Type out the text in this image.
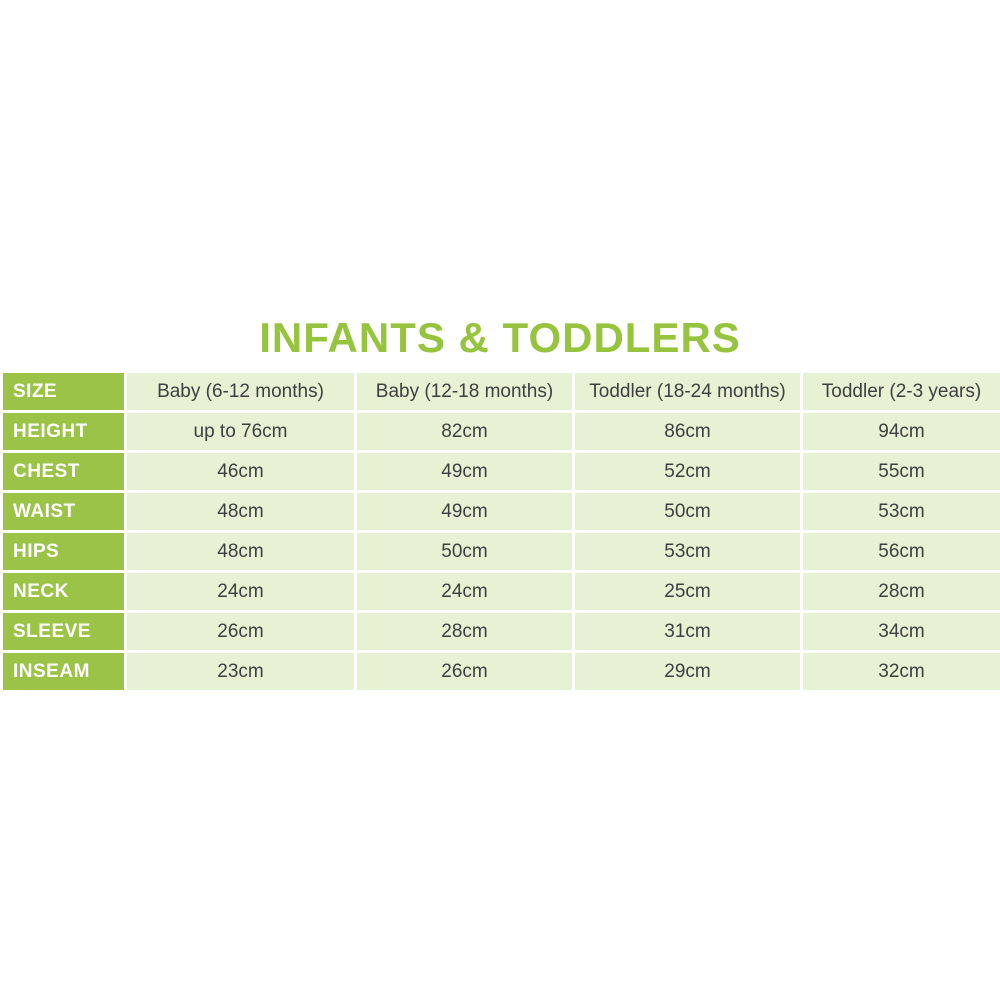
INFANTS & TODDLERS
SIZE	Baby (6-12 months)	Baby (12-18 months)	Toddler (18-24 months)	Toddler (2-3 years)
HEIGHT	up to 76cm	82cm	86cm	94cm
CHEST	46cm	49cm	52cm	55cm
WAIST	48cm	49cm	50cm	53cm
HIPS	48cm	50cm	53cm	56cm
NECK	24cm	24cm	25cm	28cm
SLEEVE	26cm	28cm	31cm	34cm
INSEAM	23cm	26cm	29cm	32cm
